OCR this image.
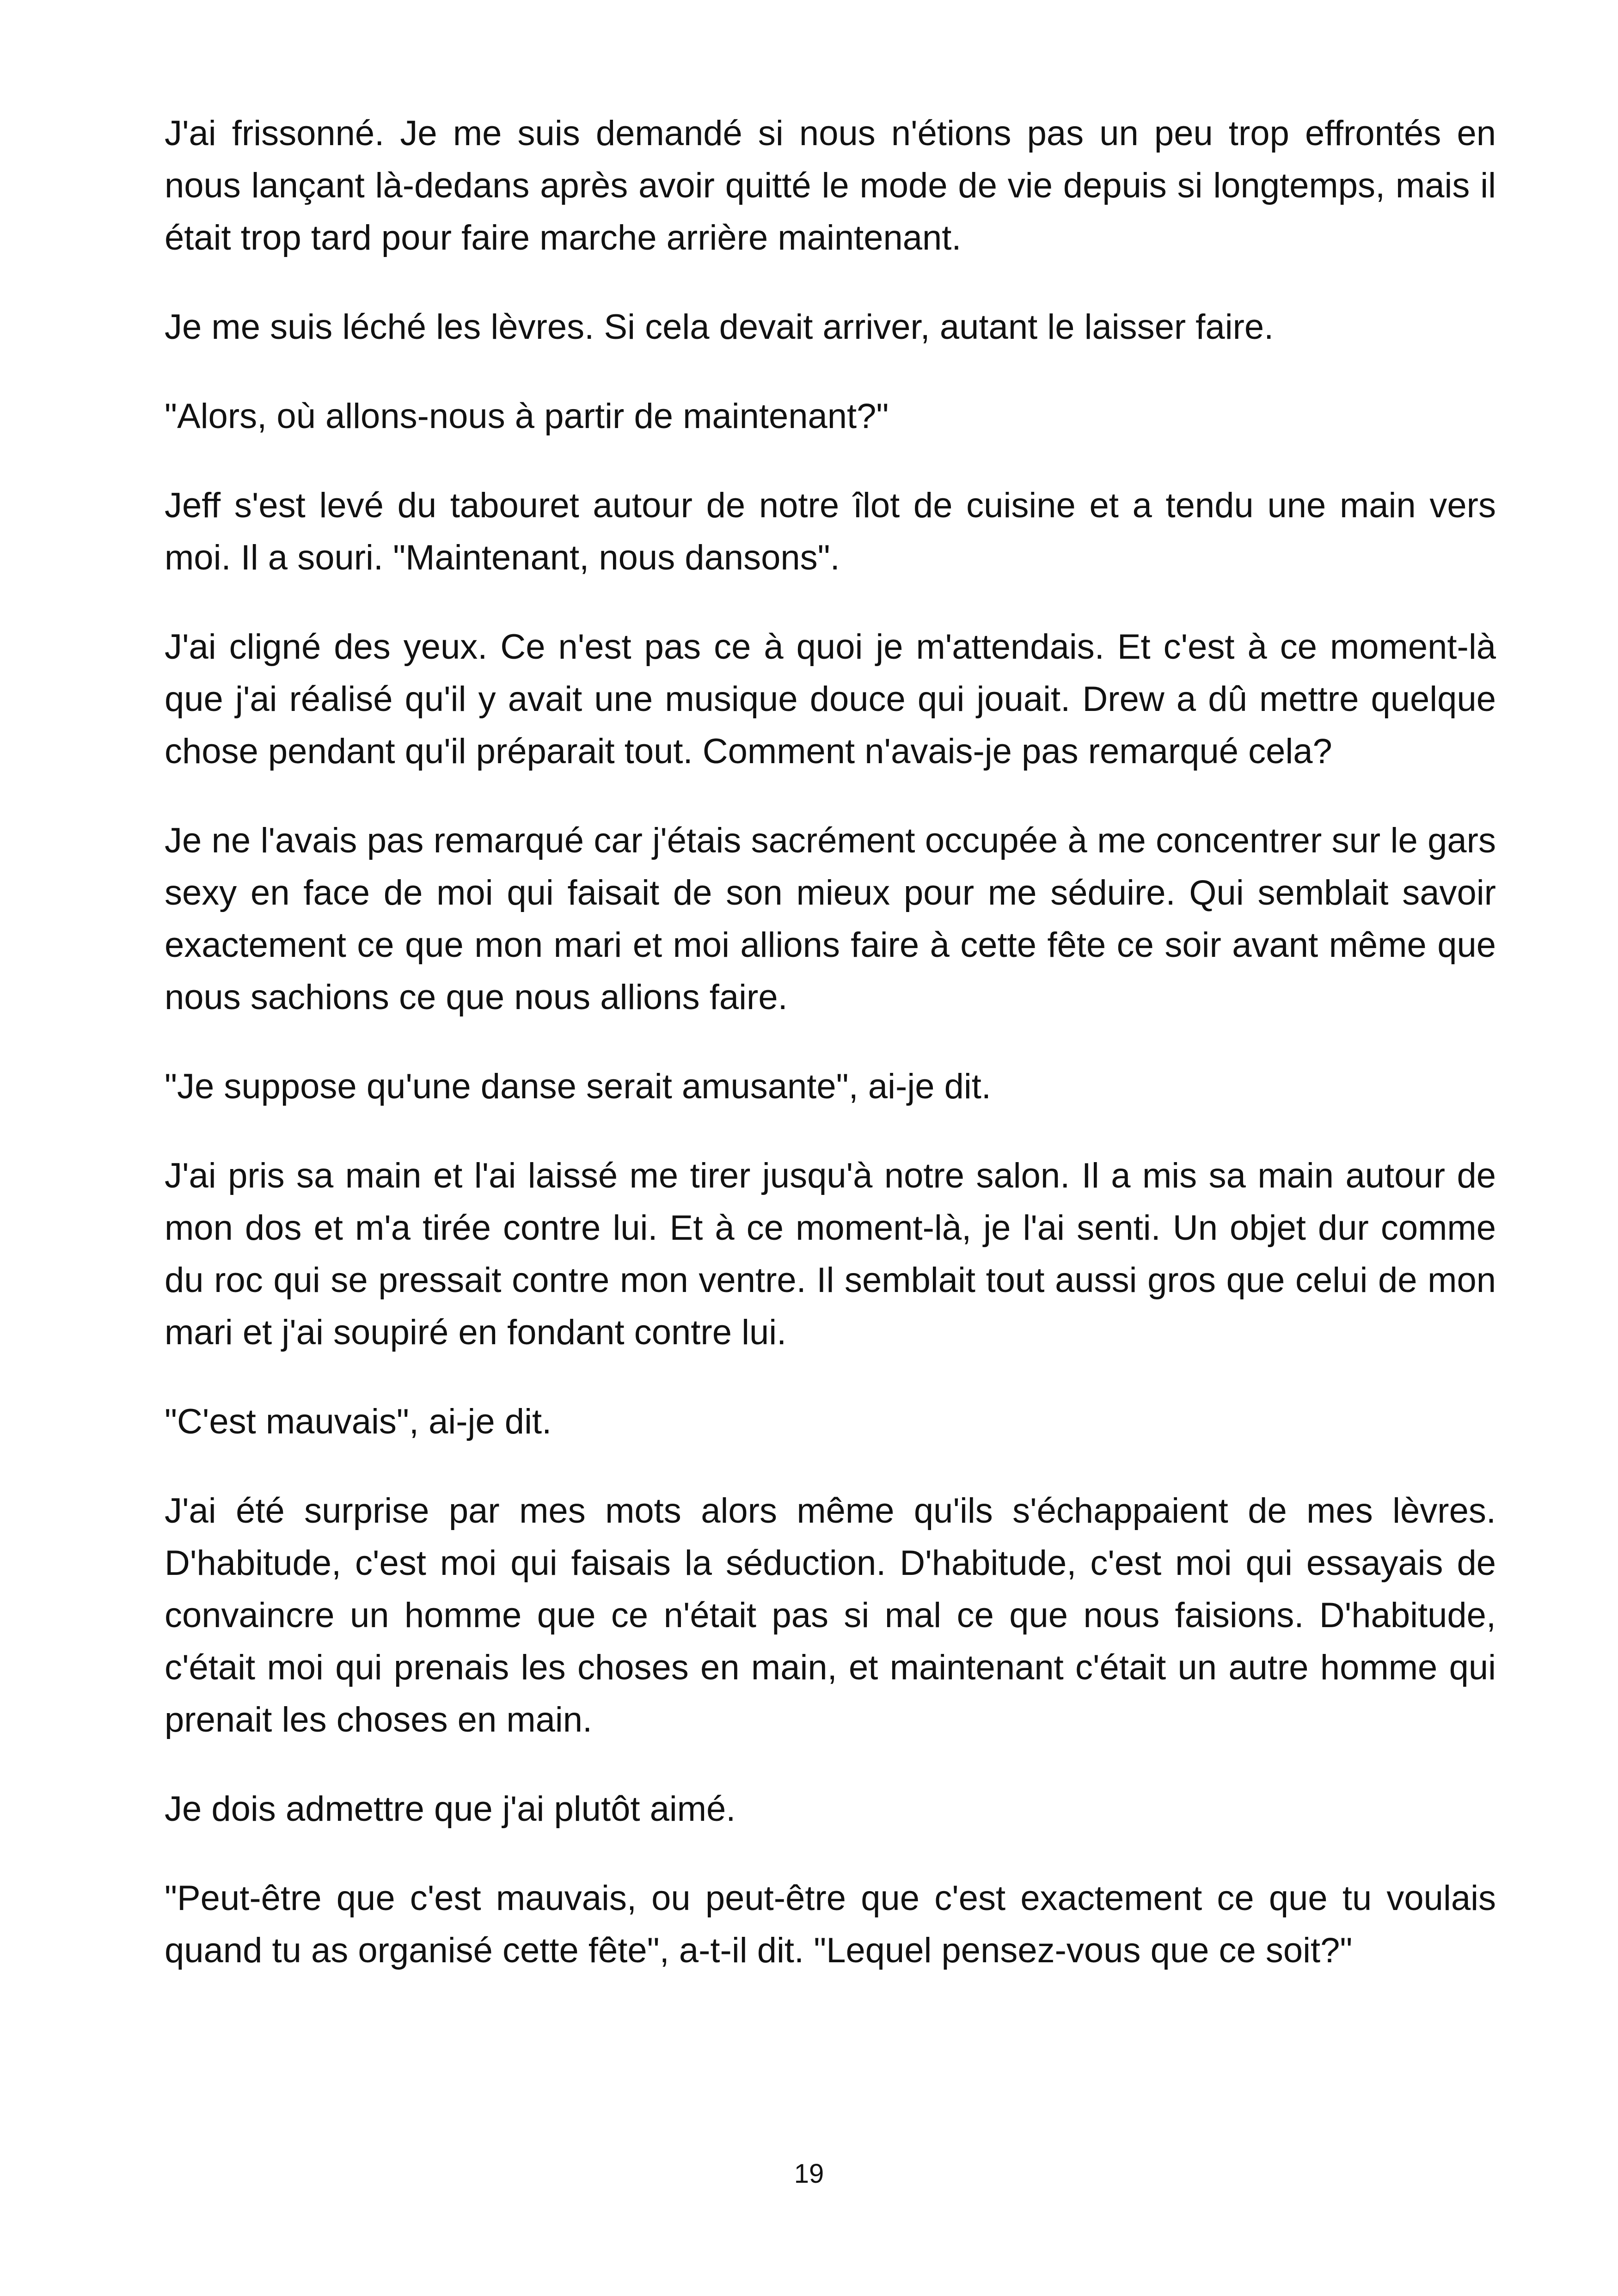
J'ai frissonné. Je me suis demandé si nous n'étions pas un peu trop effrontés en nous lançant là-dedans après avoir quitté le mode de vie depuis si longtemps, mais il était trop tard pour faire marche arrière maintenant.

Je me suis léché les lèvres. Si cela devait arriver, autant le laisser faire.

"Alors, où allons-nous à partir de maintenant?"

Jeff s'est levé du tabouret autour de notre îlot de cuisine et a tendu une main vers moi. Il a souri. "Maintenant, nous dansons".

J'ai cligné des yeux. Ce n'est pas ce à quoi je m'attendais. Et c'est à ce moment-là que j'ai réalisé qu'il y avait une musique douce qui jouait. Drew a dû mettre quelque chose pendant qu'il préparait tout. Comment n'avais-je pas remarqué cela?

Je ne l'avais pas remarqué car j'étais sacrément occupée à me concentrer sur le gars sexy en face de moi qui faisait de son mieux pour me séduire. Qui semblait savoir exactement ce que mon mari et moi allions faire à cette fête ce soir avant même que nous sachions ce que nous allions faire.

"Je suppose qu'une danse serait amusante", ai-je dit.

J'ai pris sa main et l'ai laissé me tirer jusqu'à notre salon. Il a mis sa main autour de mon dos et m'a tirée contre lui. Et à ce moment-là, je l'ai senti. Un objet dur comme du roc qui se pressait contre mon ventre. Il semblait tout aussi gros que celui de mon mari et j'ai soupiré en fondant contre lui.

"C'est mauvais", ai-je dit.

J'ai été surprise par mes mots alors même qu'ils s'échappaient de mes lèvres. D'habitude, c'est moi qui faisais la séduction. D'habitude, c'est moi qui essayais de convaincre un homme que ce n'était pas si mal ce que nous faisions. D'habitude, c'était moi qui prenais les choses en main, et maintenant c'était un autre homme qui prenait les choses en main.

Je dois admettre que j'ai plutôt aimé.

"Peut-être que c'est mauvais, ou peut-être que c'est exactement ce que tu voulais quand tu as organisé cette fête", a-t-il dit. "Lequel pensez-vous que ce soit?"

19
